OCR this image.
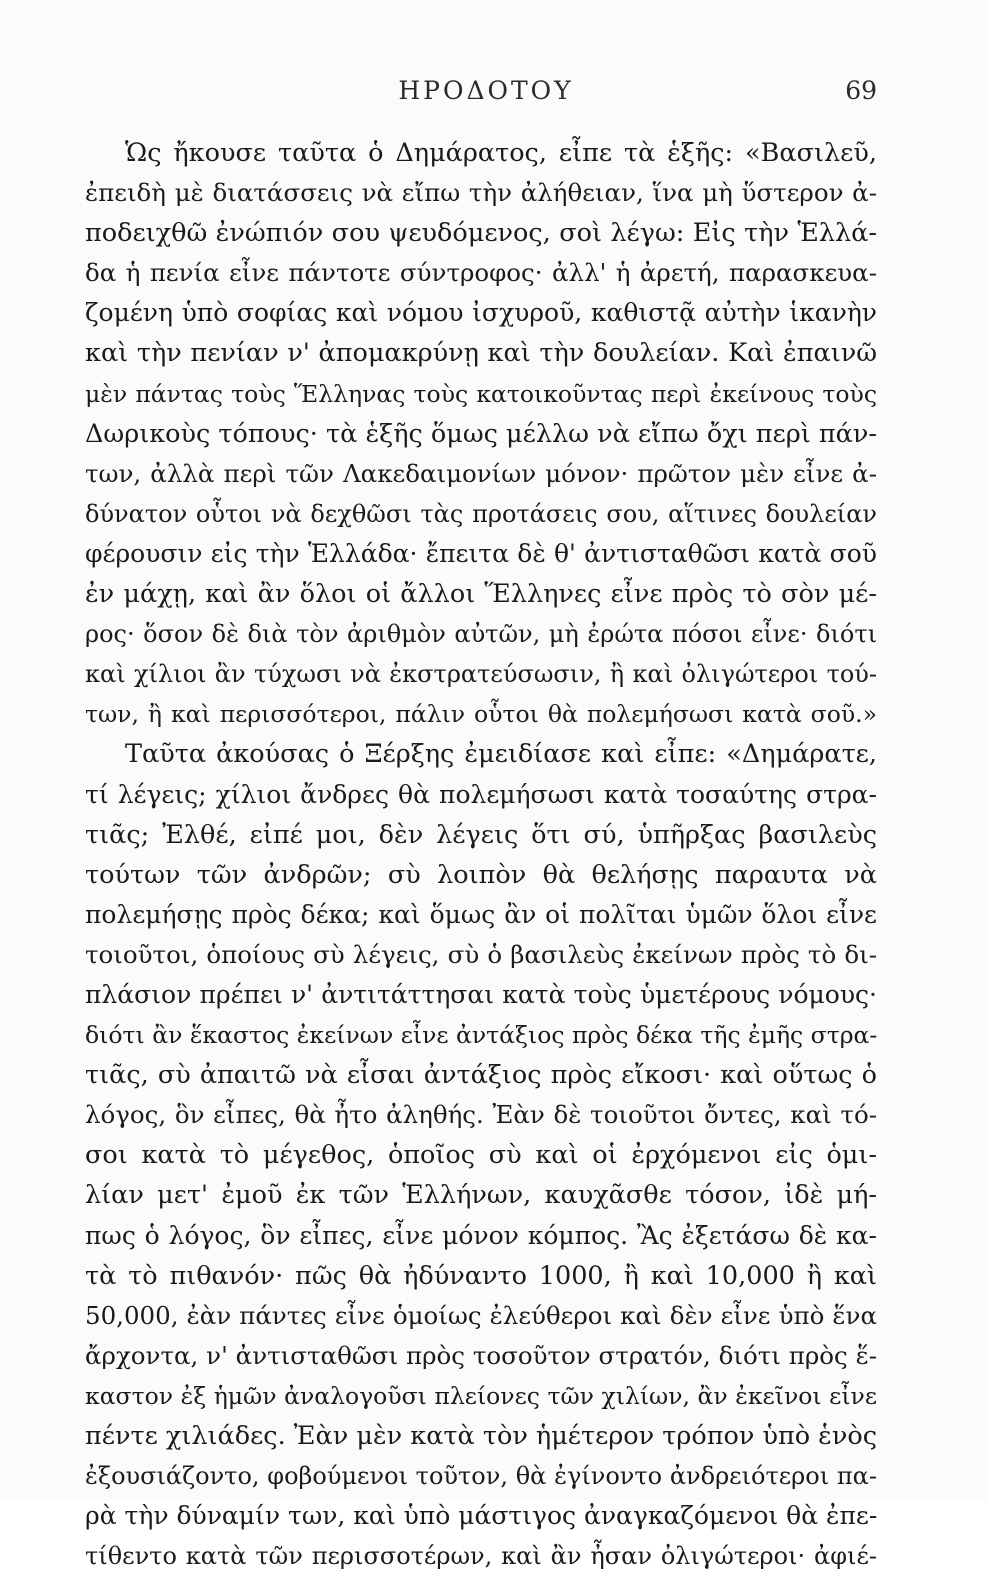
ΗΡΟΔΟΤΟΥ	69
Ὡς ἤκουσε ταῦτα ὁ Δημάρατος, εἶπε τὰ ἑξῆς: «Βασιλεῦ,
ἐπειδὴ μὲ διατάσσεις νὰ εἴπω τὴν ἀλήθειαν, ἵνα μὴ ὕστερον ἀ-
ποδειχθῶ ἐνώπιόν σου ψευδόμενος, σοὶ λέγω: Εἰς τὴν Ἑλλά-
δα ἡ πενία εἶνε πάντοτε σύντροφος· ἀλλ' ἡ ἀρετή, παρασκευα-
ζομένη ὑπὸ σοφίας καὶ νόμου ἰσχυροῦ, καθιστᾷ αὐτὴν ἱκανὴν
καὶ τὴν πενίαν ν' ἀπομακρύνῃ καὶ τὴν δουλείαν. Καὶ ἐπαινῶ
μὲν πάντας τοὺς Ἕλληνας τοὺς κατοικοῦντας περὶ ἐκείνους τοὺς
Δωρικοὺς τόπους· τὰ ἑξῆς ὅμως μέλλω νὰ εἴπω ὄχι περὶ πάν-
των, ἀλλὰ περὶ τῶν Λακεδαιμονίων μόνον· πρῶτον μὲν εἶνε ἀ-
δύνατον οὗτοι νὰ δεχθῶσι τὰς προτάσεις σου, αἵτινες δουλείαν
φέρουσιν εἰς τὴν Ἑλλάδα· ἔπειτα δὲ θ' ἀντισταθῶσι κατὰ σοῦ
ἐν μάχῃ, καὶ ἂν ὅλοι οἱ ἄλλοι Ἕλληνες εἶνε πρὸς τὸ σὸν μέ-
ρος· ὅσον δὲ διὰ τὸν ἀριθμὸν αὐτῶν, μὴ ἐρώτα πόσοι εἶνε· διότι
καὶ χίλιοι ἂν τύχωσι νὰ ἐκστρατεύσωσιν, ἢ καὶ ὀλιγώτεροι τού-
των, ἢ καὶ περισσότεροι, πάλιν οὗτοι θὰ πολεμήσωσι κατὰ σοῦ.»
Ταῦτα ἀκούσας ὁ Ξέρξης ἐμειδίασε καὶ εἶπε: «Δημάρατε,
τί λέγεις; χίλιοι ἄνδρες θὰ πολεμήσωσι κατὰ τοσαύτης στρα-
τιᾶς; Ἐλθέ, εἰπέ μοι, δὲν λέγεις ὅτι σύ, ὑπῆρξας βασιλεὺς
τούτων τῶν ἀνδρῶν; σὺ λοιπὸν θὰ θελήσῃς παραυτα νὰ
πολεμήσῃς πρὸς δέκα; καὶ ὅμως ἂν οἱ πολῖται ὑμῶν ὅλοι εἶνε
τοιοῦτοι, ὁποίους σὺ λέγεις, σὺ ὁ βασιλεὺς ἐκείνων πρὸς τὸ δι-
πλάσιον πρέπει ν' ἀντιτάττησαι κατὰ τοὺς ὑμετέρους νόμους·
διότι ἂν ἕκαστος ἐκείνων εἶνε ἀντάξιος πρὸς δέκα τῆς ἐμῆς στρα-
τιᾶς, σὺ ἀπαιτῶ νὰ εἶσαι ἀντάξιος πρὸς εἴκοσι· καὶ οὕτως ὁ
λόγος, ὃν εἶπες, θὰ ἦτο ἀληθής. Ἐὰν δὲ τοιοῦτοι ὄντες, καὶ τό-
σοι κατὰ τὸ μέγεθος, ὁποῖος σὺ καὶ οἱ ἐρχόμενοι εἰς ὁμι-
λίαν μετ' ἐμοῦ ἐκ τῶν Ἑλλήνων, καυχᾶσθε τόσον, ἰδὲ μή-
πως ὁ λόγος, ὃν εἶπες, εἶνε μόνον κόμπος. Ἂς ἐξετάσω δὲ κα-
τὰ τὸ πιθανόν· πῶς θὰ ἠδύναντο 1000, ἢ καὶ 10,000 ἢ καὶ
50,000, ἐὰν πάντες εἶνε ὁμοίως ἐλεύθεροι καὶ δὲν εἶνε ὑπὸ ἕνα
ἄρχοντα, ν' ἀντισταθῶσι πρὸς τοσοῦτον στρατόν, διότι πρὸς ἕ-
καστον ἐξ ἡμῶν ἀναλογοῦσι πλείονες τῶν χιλίων, ἂν ἐκεῖνοι εἶνε
πέντε χιλιάδες. Ἐὰν μὲν κατὰ τὸν ἡμέτερον τρόπον ὑπὸ ἑνὸς
ἐξουσιάζοντο, φοβούμενοι τοῦτον, θὰ ἐγίνοντο ἀνδρειότεροι πα-
ρὰ τὴν δύναμίν των, καὶ ὑπὸ μάστιγος ἀναγκαζόμενοι θὰ ἐπε-
τίθεντο κατὰ τῶν περισσοτέρων, καὶ ἂν ἦσαν ὀλιγώτεροι· ἀφιέ-
